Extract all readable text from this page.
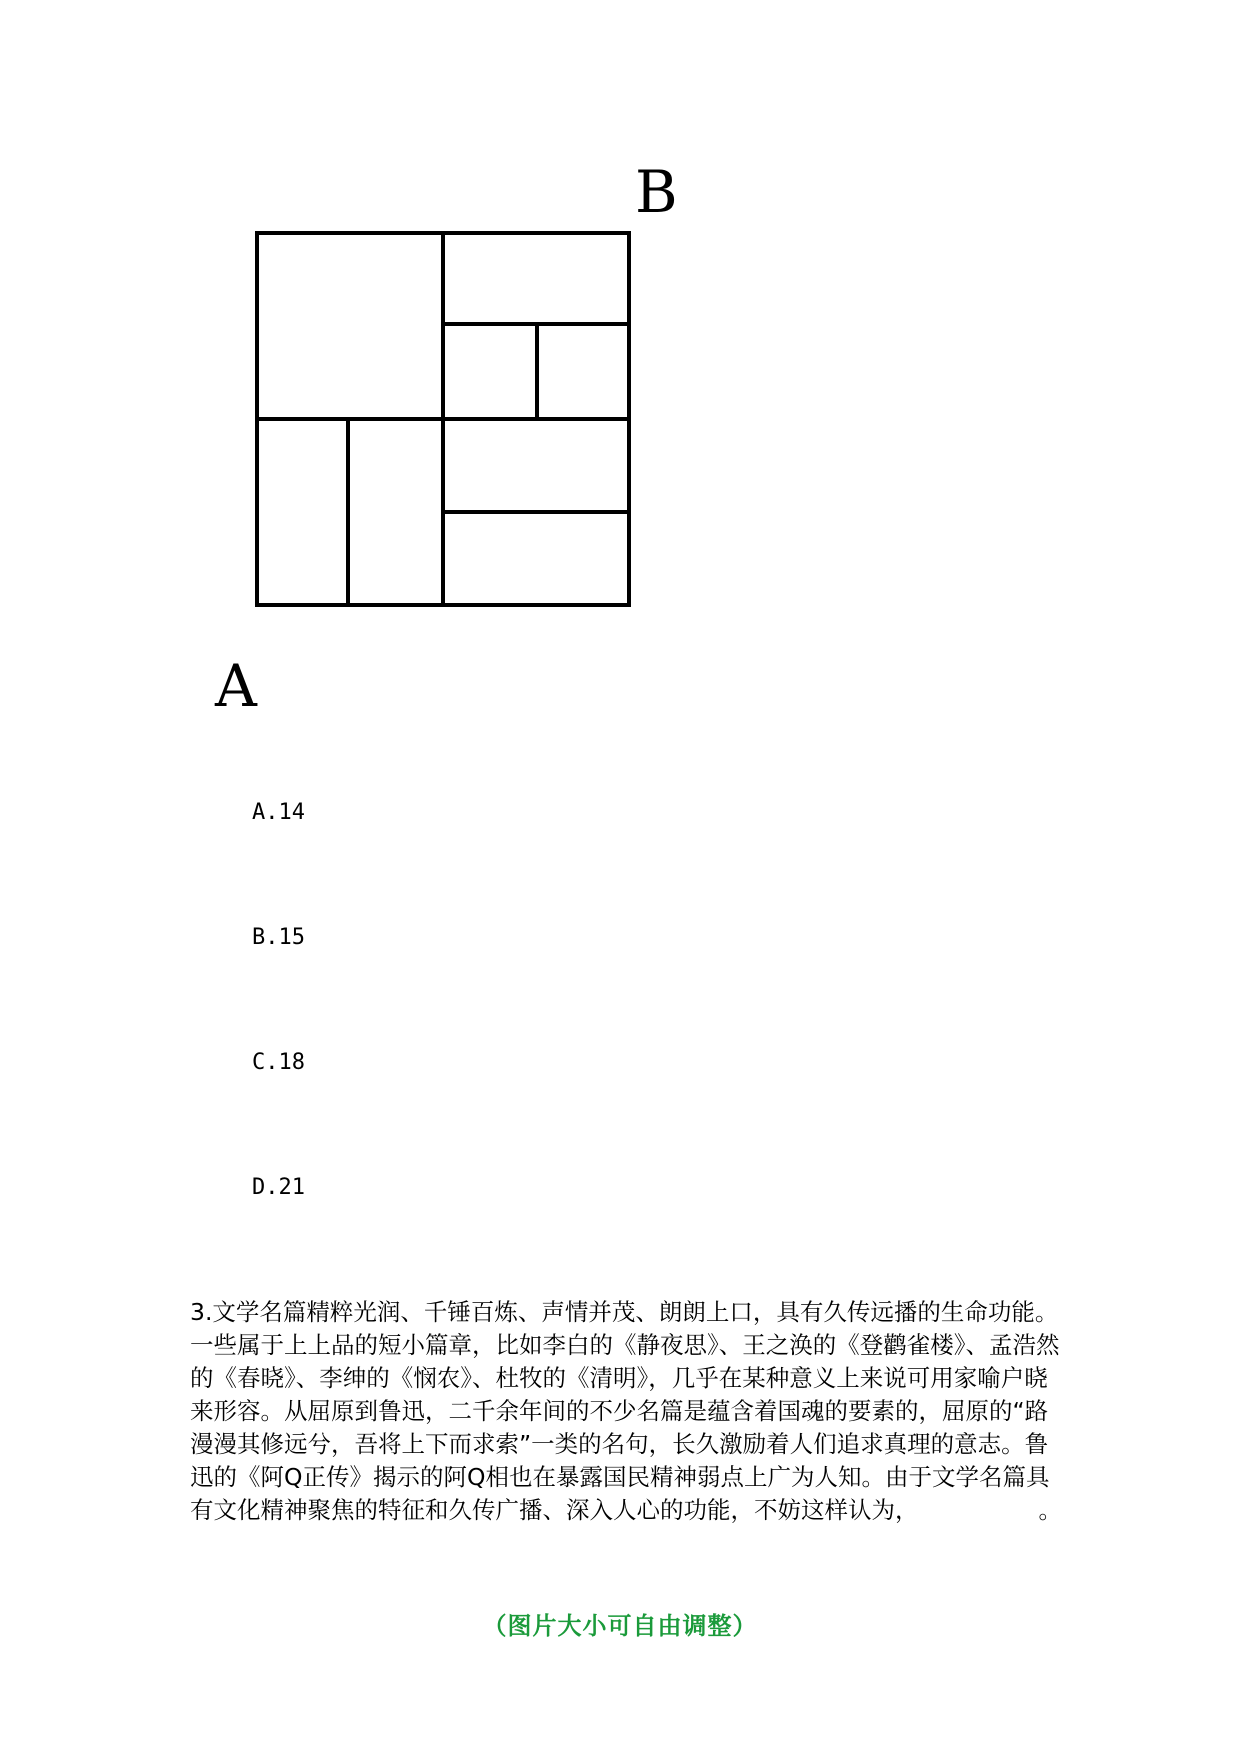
B
A
A.14
B.15
C.18
D.21

3.文学名篇精粹光润、千锤百炼、声情并茂、朗朗上口，具有久传远播的生命功能。一些属于上上品的短小篇章，比如李白的《静夜思》、王之涣的《登鹳雀楼》、孟浩然的《春晓》、李绅的《悯农》、杜牧的《清明》，几乎在某种意义上来说可用家喻户晓来形容。从屈原到鲁迅，二千余年间的不少名篇是蕴含着国魂的要素的，屈原的“路漫漫其修远兮，吾将上下而求索”一类的名句，长久激励着人们追求真理的意志。鲁迅的《阿Q正传》揭示的阿Q相也在暴露国民精神弱点上广为人知。由于文学名篇具有文化精神聚焦的特征和久传广播、深入人心的功能，不妨这样认为，	。

（图片大小可自由调整）
